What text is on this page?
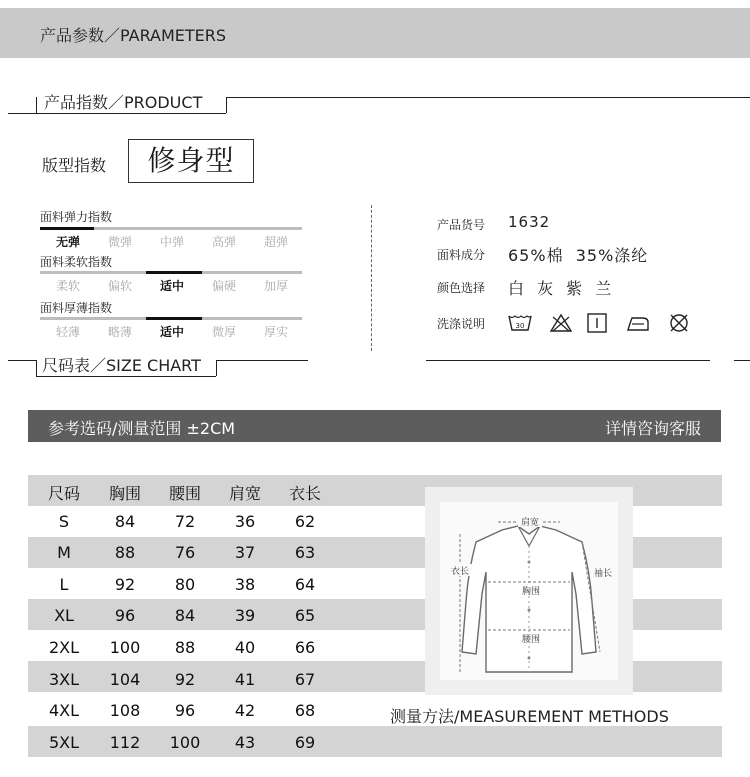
产品参数／PARAMETERS
产品指数／PRODUCT
版型指数	修身型
面料弹力指数
无弹	微弹	中弹	高弹	超弹
面料柔软指数
柔软	偏软	适中	偏硬	加厚
面料厚薄指数
轻薄	略薄	适中	微厚	厚实
产品货号 1632
面料成分 65%棉  35%涤纶
颜色选择 白 灰 紫 兰
洗涤说明	30
尺码表／SIZE CHART
参考选码/测量范围 ±2CM	详情咨询客服
尺码	胸围	腰围	肩宽	衣长
S	84	72	36	62
M	88	76	37	63
L	92	80	38	64
XL	96	84	39	65
2XL	100	88	40	66
3XL	104	92	41	67
4XL	108	96	42	68
5XL	112	100	43	69
肩宽
衣长	袖长
胸围
腰围
测量方法/MEASUREMENT METHODS
